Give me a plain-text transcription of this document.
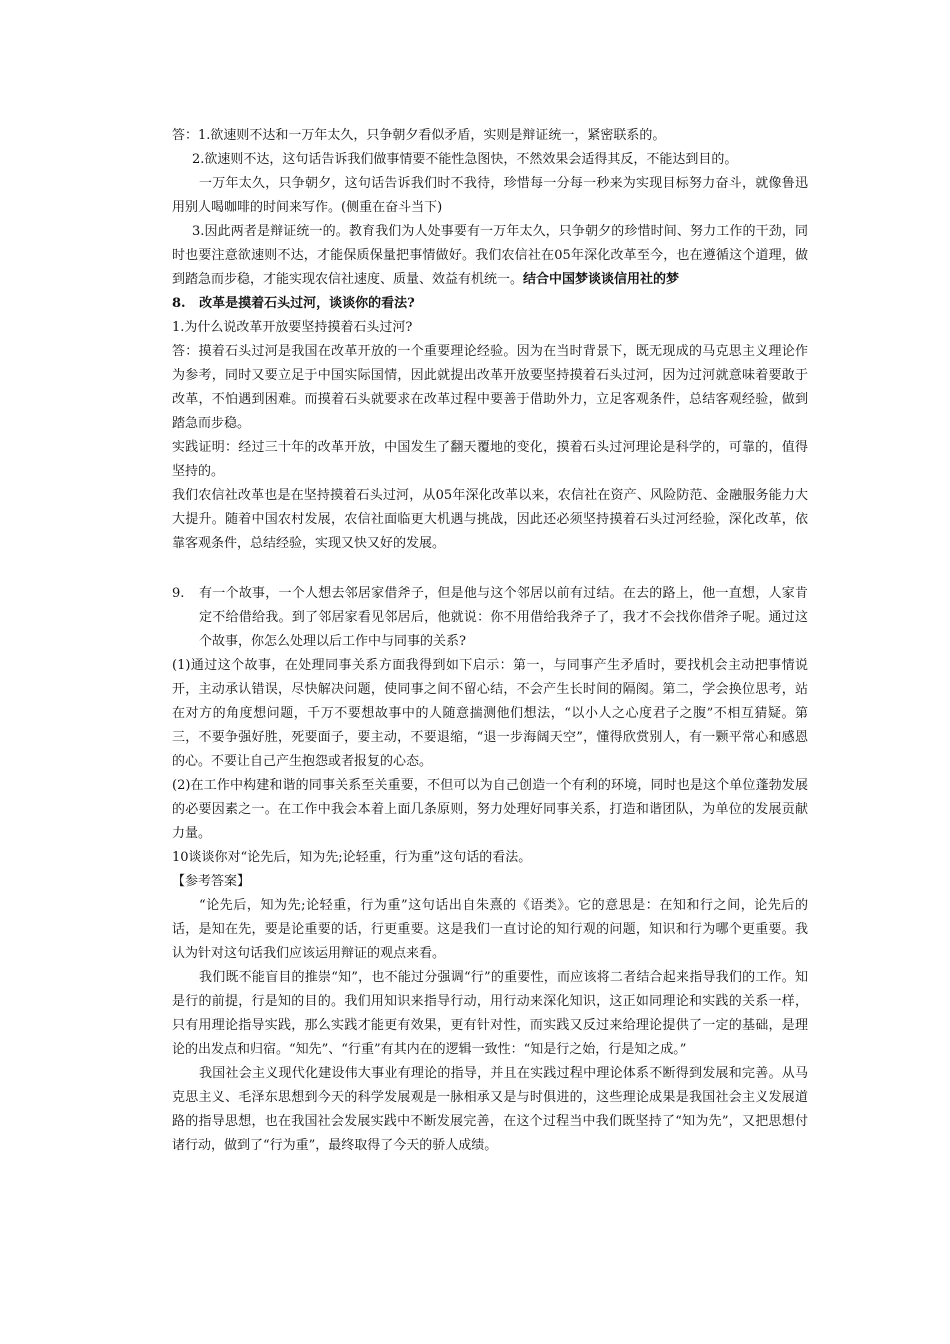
答：1.欲速则不达和一万年太久，只争朝夕看似矛盾，实则是辩证统一，紧密联系的。

2.欲速则不达，这句话告诉我们做事情要不能性急图快，不然效果会适得其反，不能达到目的。

一万年太久，只争朝夕，这句话告诉我们时不我待，珍惜每一分每一秒来为实现目标努力奋斗，就像鲁迅用别人喝咖啡的时间来写作。(侧重在奋斗当下)

3.因此两者是辩证统一的。教育我们为人处事要有一万年太久，只争朝夕的珍惜时间、努力工作的干劲，同时也要注意欲速则不达，才能保质保量把事情做好。我们农信社在05年深化改革至今，也在遵循这个道理，做到踏急而步稳，才能实现农信社速度、质量、效益有机统一。结合中国梦谈谈信用社的梦

8.   改革是摸着石头过河，谈谈你的看法?

1.为什么说改革开放要坚持摸着石头过河?

答：摸着石头过河是我国在改革开放的一个重要理论经验。因为在当时背景下，既无现成的马克思主义理论作为参考，同时又要立足于中国实际国情，因此就提出改革开放要坚持摸着石头过河，因为过河就意味着要敢于改革，不怕遇到困难。而摸着石头就要求在改革过程中要善于借助外力，立足客观条件，总结客观经验，做到踏急而步稳。

实践证明：经过三十年的改革开放，中国发生了翻天覆地的变化，摸着石头过河理论是科学的，可靠的，值得坚持的。

我们农信社改革也是在坚持摸着石头过河，从05年深化改革以来，农信社在资产、风险防范、金融服务能力大大提升。随着中国农村发展，农信社面临更大机遇与挑战，因此还必须坚持摸着石头过河经验，深化改革，依靠客观条件，总结经验，实现又快又好的发展。

9.	有一个故事，一个人想去邻居家借斧子，但是他与这个邻居以前有过结。在去的路上，他一直想，人家肯定不给借给我。到了邻居家看见邻居后，他就说：你不用借给我斧子了，我才不会找你借斧子呢。通过这个故事，你怎么处理以后工作中与同事的关系?

(1)通过这个故事，在处理同事关系方面我得到如下启示：第一，与同事产生矛盾时，要找机会主动把事情说开，主动承认错误，尽快解决问题，使同事之间不留心结，不会产生长时间的隔阂。第二，学会换位思考，站在对方的角度想问题，千万不要想故事中的人随意揣测他们想法，“以小人之心度君子之腹”不相互猜疑。第三，不要争强好胜，死要面子，要主动，不要退缩，“退一步海阔天空”，懂得欣赏别人，有一颗平常心和感恩的心。不要让自己产生抱怨或者报复的心态。

(2)在工作中构建和谐的同事关系至关重要，不但可以为自己创造一个有利的环境，同时也是这个单位蓬勃发展的必要因素之一。在工作中我会本着上面几条原则，努力处理好同事关系，打造和谐团队，为单位的发展贡献力量。

10谈谈你对“论先后，知为先;论轻重，行为重”这句话的看法。

【参考答案】

“论先后，知为先;论轻重，行为重”这句话出自朱熹的《语类》。它的意思是：在知和行之间，论先后的话，是知在先，要是论重要的话，行更重要。这是我们一直讨论的知行观的问题，知识和行为哪个更重要。我认为针对这句话我们应该运用辩证的观点来看。

我们既不能盲目的推崇“知”，也不能过分强调“行”的重要性，而应该将二者结合起来指导我们的工作。知是行的前提，行是知的目的。我们用知识来指导行动，用行动来深化知识，这正如同理论和实践的关系一样，只有用理论指导实践，那么实践才能更有效果，更有针对性，而实践又反过来给理论提供了一定的基础，是理论的出发点和归宿。“知先”、“行重”有其内在的逻辑一致性：“知是行之始，行是知之成。”

我国社会主义现代化建设伟大事业有理论的指导，并且在实践过程中理论体系不断得到发展和完善。从马克思主义、毛泽东思想到今天的科学发展观是一脉相承又是与时俱进的，这些理论成果是我国社会主义发展道路的指导思想，也在我国社会发展实践中不断发展完善，在这个过程当中我们既坚持了“知为先”，又把思想付诸行动，做到了“行为重”，最终取得了今天的骄人成绩。
